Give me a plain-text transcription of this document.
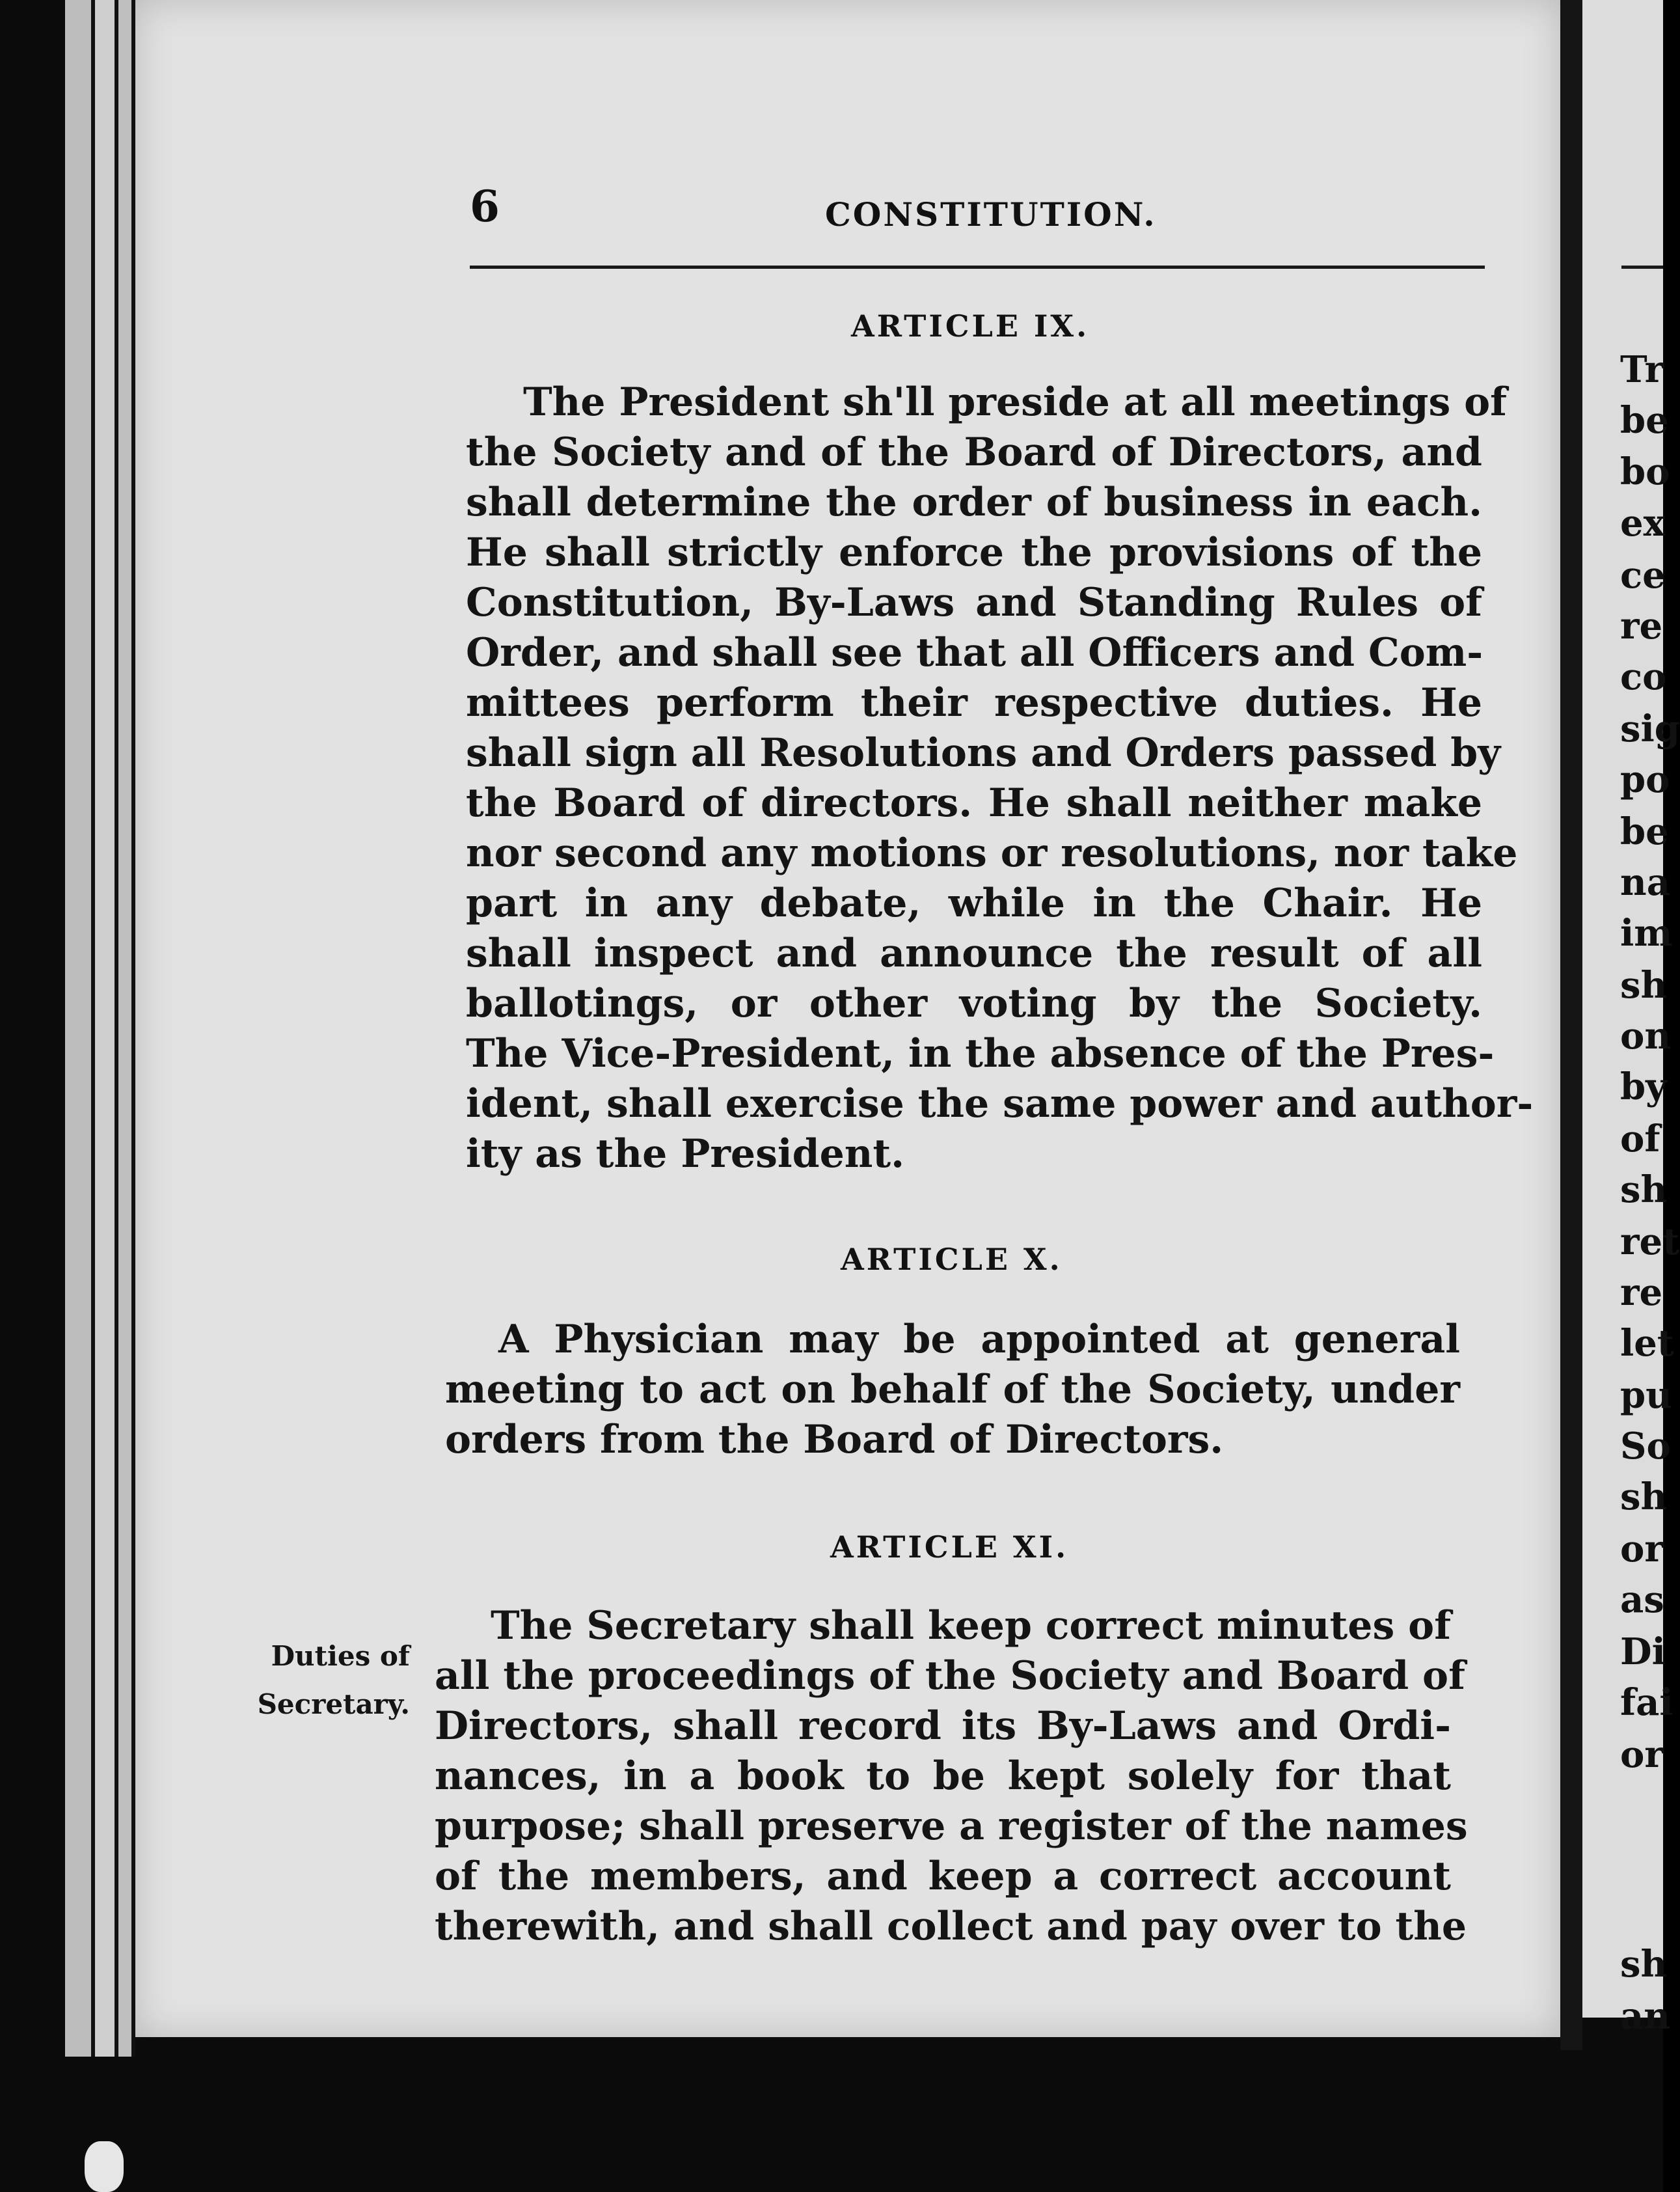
6	CONSTITUTION.
ARTICLE IX.

The President sh'll preside at all meetings of
the Society and of the Board of Directors, and
shall determine the order of business in each.
He shall strictly enforce the provisions of the
Constitution, By-Laws and Standing Rules of
Order, and shall see that all Officers and Com-
mittees perform their respective duties. He
shall sign all Resolutions and Orders passed by
the Board of directors. He shall neither make
nor second any motions or resolutions, nor take
part in any debate, while in the Chair. He
shall inspect and announce the result of all
ballotings, or other voting by the Society.
The Vice-President, in the absence of the Pres-
ident, shall exercise the same power and author-
ity as the President.

ARTICLE X.

A Physician may be appointed at general
meeting to act on behalf of the Society, under
orders from the Board of Directors.

ARTICLE XI.
Duties of
Secretary.

The Secretary shall keep correct minutes of
all the proceedings of the Society and Board of
Directors, shall record its By-Laws and Ordi-
nances, in a book to be kept solely for that
purpose; shall preserve a register of the names
of the members, and keep a correct account
therewith, and shall collect and pay over to the

Tr
be
bo
ex
ce
re
co
sig
po
be
na
im
sh
on
by
of
sh
ret
re
let
pu
So
sh
or
as
Di
fai
or
sh
an
